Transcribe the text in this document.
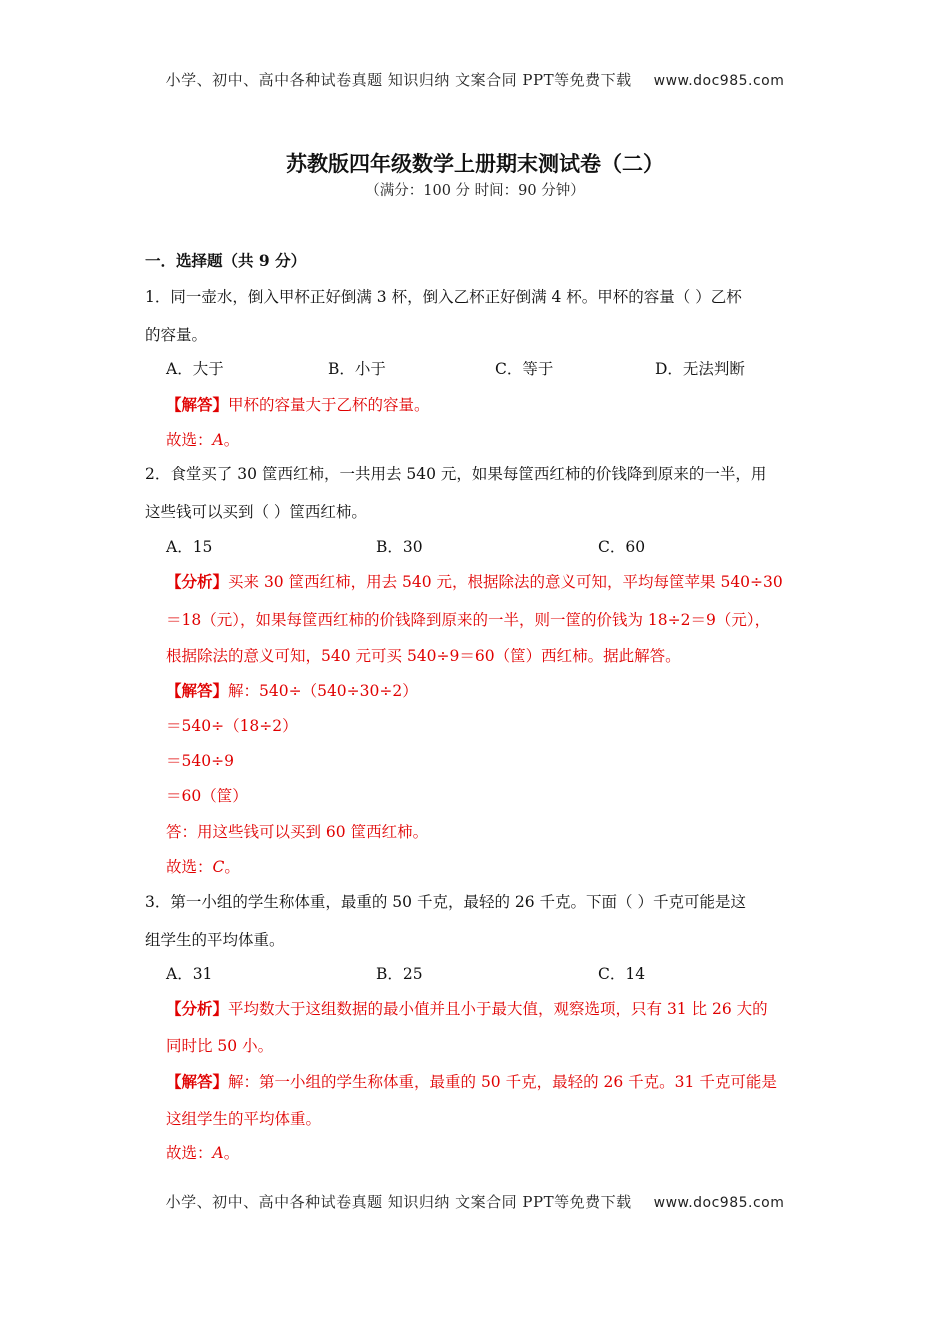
小学、初中、高中各种试卷真题 知识归纳 文案合同 PPT等免费下载 www.doc985.com
苏教版四年级数学上册期末测试卷（二）
（满分：100 分 时间：90 分钟）
一．选择题（共 9 分）
1．同一壶水，倒入甲杯正好倒满 3 杯，倒入乙杯正好倒满 4 杯。甲杯的容量（ ）乙杯
的容量。
A．大于	B．小于	C．等于	D．无法判断
【解答】甲杯的容量大于乙杯的容量。
故选：A。
2．食堂买了 30 筐西红柿，一共用去 540 元，如果每筐西红柿的价钱降到原来的一半，用
这些钱可以买到（ ）筐西红柿。
A．15	B．30	C．60
【分析】买来 30 筐西红柿，用去 540 元，根据除法的意义可知，平均每筐苹果 540÷30
＝18（元），如果每筐西红柿的价钱降到原来的一半，则一筐的价钱为 18÷2＝9（元），
根据除法的意义可知，540 元可买 540÷9＝60（筐）西红柿。据此解答。
【解答】解：540÷（540÷30÷2）
＝540÷（18÷2）
＝540÷9
＝60（筐）
答：用这些钱可以买到 60 筐西红柿。
故选：C。
3．第一小组的学生称体重，最重的 50 千克，最轻的 26 千克。下面（ ）千克可能是这
组学生的平均体重。
A．31	B．25	C．14
【分析】平均数大于这组数据的最小值并且小于最大值，观察选项，只有 31 比 26 大的
同时比 50 小。
【解答】解：第一小组的学生称体重，最重的 50 千克，最轻的 26 千克。31 千克可能是
这组学生的平均体重。
故选：A。
小学、初中、高中各种试卷真题 知识归纳 文案合同 PPT等免费下载 www.doc985.com
